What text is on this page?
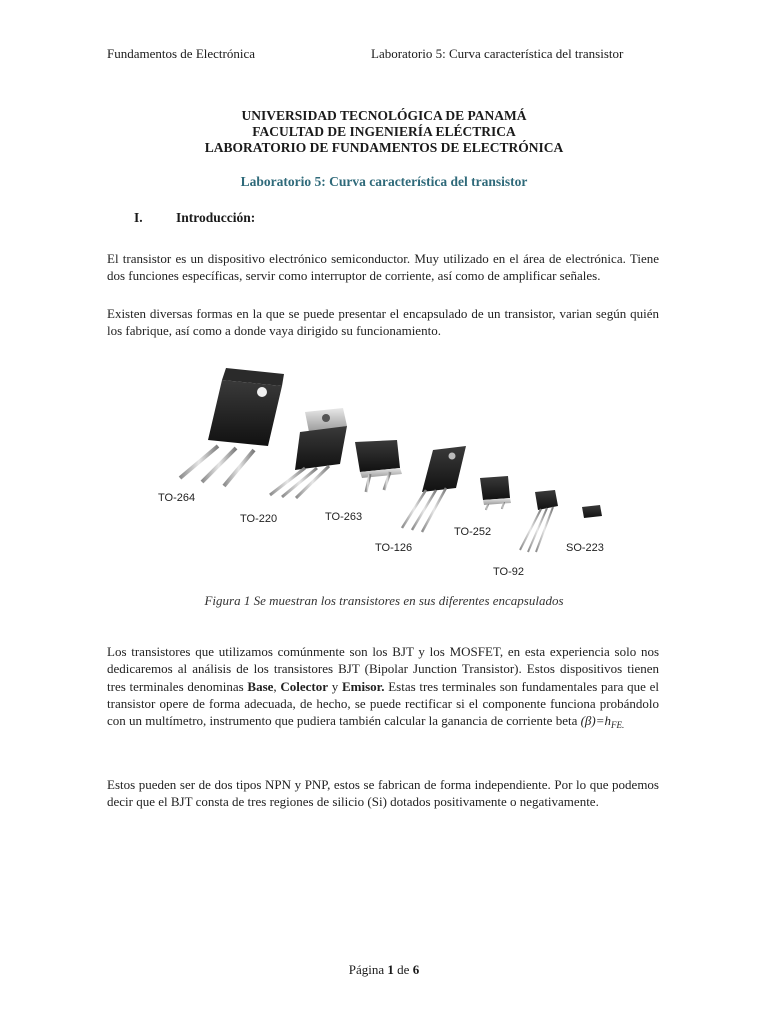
Fundamentos de Electrónica	Laboratorio 5: Curva característica del transistor
UNIVERSIDAD TECNOLÓGICA DE PANAMÁ
FACULTAD DE INGENIERÍA ELÉCTRICA
LABORATORIO DE FUNDAMENTOS DE ELECTRÓNICA
Laboratorio 5: Curva característica del transistor
I. Introducción:
El transistor es un dispositivo electrónico semiconductor. Muy utilizado en el área de electrónica. Tiene dos funciones específicas, servir como interruptor de corriente, así como de amplificar señales.
Existen diversas formas en la que se puede presentar el encapsulado de un transistor, varian según quién los fabrique, así como a donde vaya dirigido su funcionamiento.
TO-264
TO-220	TO-263
TO-126
TO-252
TO-92
SO-223
Figura 1 Se muestran los transistores en sus diferentes encapsulados
Los transistores que utilizamos comúnmente son los BJT y los MOSFET, en esta experiencia solo nos dedicaremos al análisis de los transistores BJT (Bipolar Junction Transistor). Estos dispositivos tienen tres terminales denominas Base, Colector y Emisor. Estas tres terminales son fundamentales para que el transistor opere de forma adecuada, de hecho, se puede rectificar si el componente funciona probándolo con un multímetro, instrumento que pudiera también calcular la ganancia de corriente beta $(\beta)=h_{FE.}$
Estos pueden ser de dos tipos NPN y PNP, estos se fabrican de forma independiente. Por lo que podemos decir que el BJT consta de tres regiones de silicio (Si) dotados positivamente o negativamente.
Página 1 de 6
